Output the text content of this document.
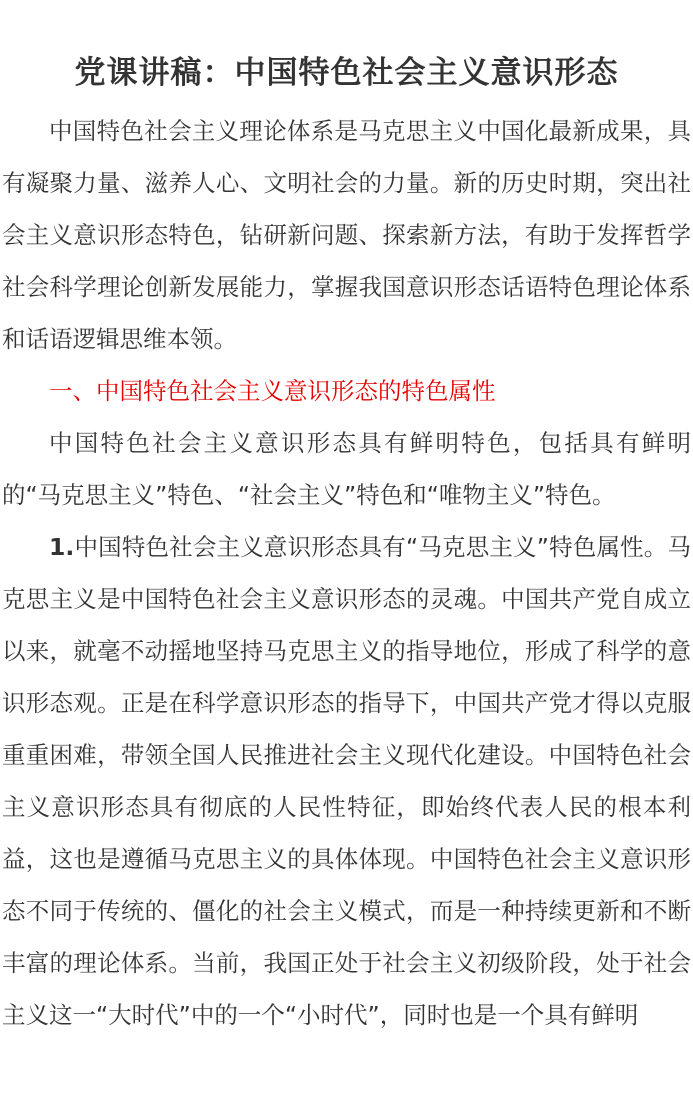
党课讲稿：中国特色社会主义意识形态

中国特色社会主义理论体系是马克思主义中国化最新成果，具有凝聚力量、滋养人心、文明社会的力量。新的历史时期，突出社会主义意识形态特色，钻研新问题、探索新方法，有助于发挥哲学社会科学理论创新发展能力，掌握我国意识形态话语特色理论体系和话语逻辑思维本领。

一、中国特色社会主义意识形态的特色属性

中国特色社会主义意识形态具有鲜明特色，包括具有鲜明的“马克思主义”特色、“社会主义”特色和“唯物主义”特色。

1.中国特色社会主义意识形态具有“马克思主义”特色属性。马克思主义是中国特色社会主义意识形态的灵魂。中国共产党自成立以来，就毫不动摇地坚持马克思主义的指导地位，形成了科学的意识形态观。正是在科学意识形态的指导下，中国共产党才得以克服重重困难，带领全国人民推进社会主义现代化建设。中国特色社会主义意识形态具有彻底的人民性特征，即始终代表人民的根本利益，这也是遵循马克思主义的具体体现。中国特色社会主义意识形态不同于传统的、僵化的社会主义模式，而是一种持续更新和不断丰富的理论体系。当前，我国正处于社会主义初级阶段，处于社会主义这一“大时代”中的一个“小时代”，同时也是一个具有鲜明
